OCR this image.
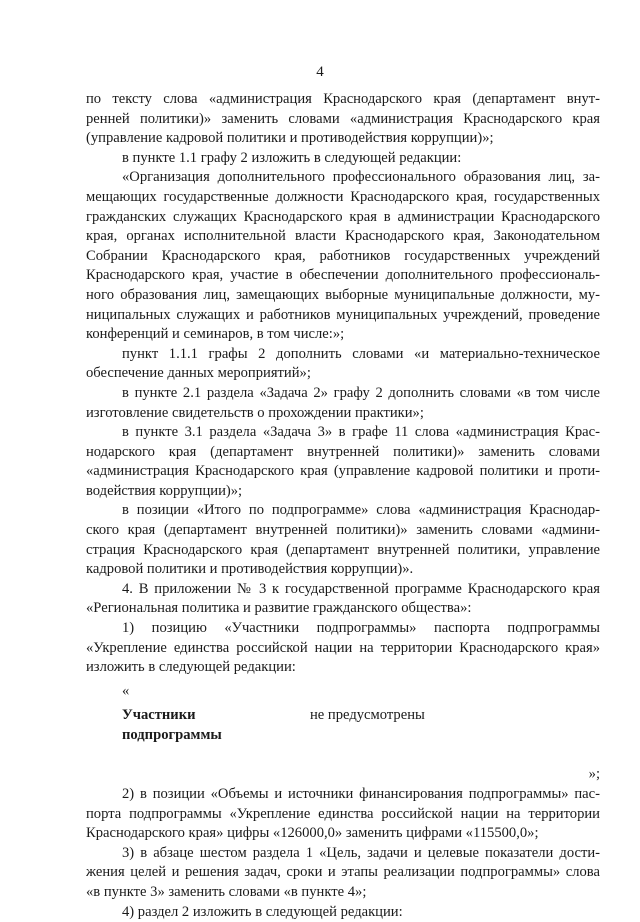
4
по тексту слова «администрация Краснодарского края (департамент внут-
ренней политики)» заменить словами «администрация Краснодарского края
(управление кадровой политики и противодействия коррупции)»;
в пункте 1.1 графу 2 изложить в следующей редакции:
«Организация дополнительного профессионального образования лиц, за-
мещающих государственные должности Краснодарского края, государственных
гражданских служащих Краснодарского края в администрации Краснодарского
края, органах исполнительной власти Краснодарского края, Законодательном
Собрании Краснодарского края, работников государственных учреждений
Краснодарского края, участие в обеспечении дополнительного профессиональ-
ного образования лиц, замещающих выборные муниципальные должности, му-
ниципальных служащих и работников муниципальных учреждений, проведение
конференций и семинаров, в том числе:»;
пункт 1.1.1 графы 2 дополнить словами «и материально-техническое
обеспечение данных мероприятий»;
в пункте 2.1 раздела «Задача 2» графу 2 дополнить словами «в том числе
изготовление свидетельств о прохождении практики»;
в пункте 3.1 раздела «Задача 3» в графе 11 слова «администрация Крас-
нодарского края (департамент внутренней политики)» заменить словами
«администрация Краснодарского края (управление кадровой политики и проти-
водействия коррупции)»;
в позиции «Итого по подпрограмме» слова «администрация Краснодар-
ского края (департамент внутренней политики)» заменить словами «админи-
страция Краснодарского края (департамент внутренней политики, управление
кадровой политики и противодействия коррупции)».
4. В приложении № 3 к государственной программе Краснодарского края
«Региональная политика и развитие гражданского общества»:
1) позицию «Участники подпрограммы» паспорта подпрограммы
«Укрепление единства российской нации на территории Краснодарского края»
изложить в следующей редакции:
«
Участники подпрограммы
не предусмотрены
»;
2) в позиции «Объемы и источники финансирования подпрограммы» пас-
порта подпрограммы «Укрепление единства российской нации на территории
Краснодарского края» цифры «126000,0» заменить цифрами «115500,0»;
3) в абзаце шестом раздела 1 «Цель, задачи и целевые показатели дости-
жения целей и решения задач, сроки и этапы реализации подпрограммы» слова
«в пункте 3» заменить словами «в пункте 4»;
4) раздел 2 изложить в следующей редакции:
